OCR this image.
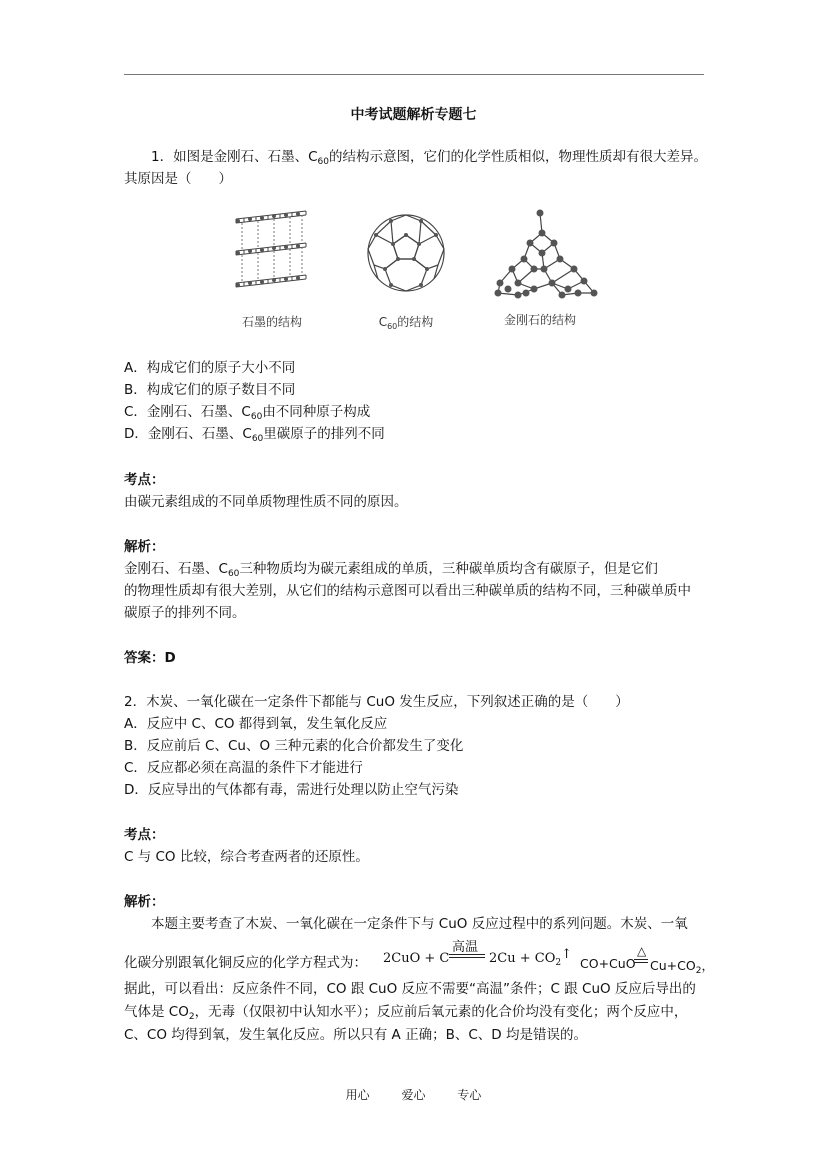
中考试题解析专题七
1．如图是金刚石、石墨、$C_{60}$的结构示意图，它们的化学性质相似，物理性质却有很大差异。
其原因是（　　）
石墨的结构	$C_{60}$的结构	金刚石的结构
A．构成它们的原子大小不同
B．构成它们的原子数目不同
C．金刚石、石墨、$C_{60}$由不同种原子构成
D．金刚石、石墨、$C_{60}$里碳原子的排列不同
考点：
由碳元素组成的不同单质物理性质不同的原因。
解析：
金刚石、石墨、$C_{60}$三种物质均为碳元素组成的单质，三种碳单质均含有碳原子，但是它们
的物理性质却有很大差别，从它们的结构示意图可以看出三种碳单质的结构不同，三种碳单质中
碳原子的排列不同。
答案：D
2．木炭、一氧化碳在一定条件下都能与 CuO 发生反应，下列叙述正确的是（　　）
A．反应中 C、CO 都得到氧，发生氧化反应
B．反应前后 C、Cu、O 三种元素的化合价都发生了变化
C．反应都必须在高温的条件下才能进行
D．反应导出的气体都有毒，需进行处理以防止空气污染
考点：
C 与 CO 比较，综合考查两者的还原性。
解析：
本题主要考查了木炭、一氧化碳在一定条件下与 CuO 反应过程中的系列问题。木炭、一氧
化碳分别跟氧化铜反应的化学方程式为： 2CuO + C
高温
$2Cu + CO_2↑$
CO+CuO
△
$Cu+CO_2$，
据此，可以看出：反应条件不同，CO 跟 CuO 反应不需要“高温”条件；C 跟 CuO 反应后导出的
气体是 $CO_2$，无毒（仅限初中认知水平）；反应前后氧元素的化合价均没有变化；两个反应中，
C、CO 均得到氧，发生氧化反应。所以只有 A 正确；B、C、D 均是错误的。
用心 爱心 专心
